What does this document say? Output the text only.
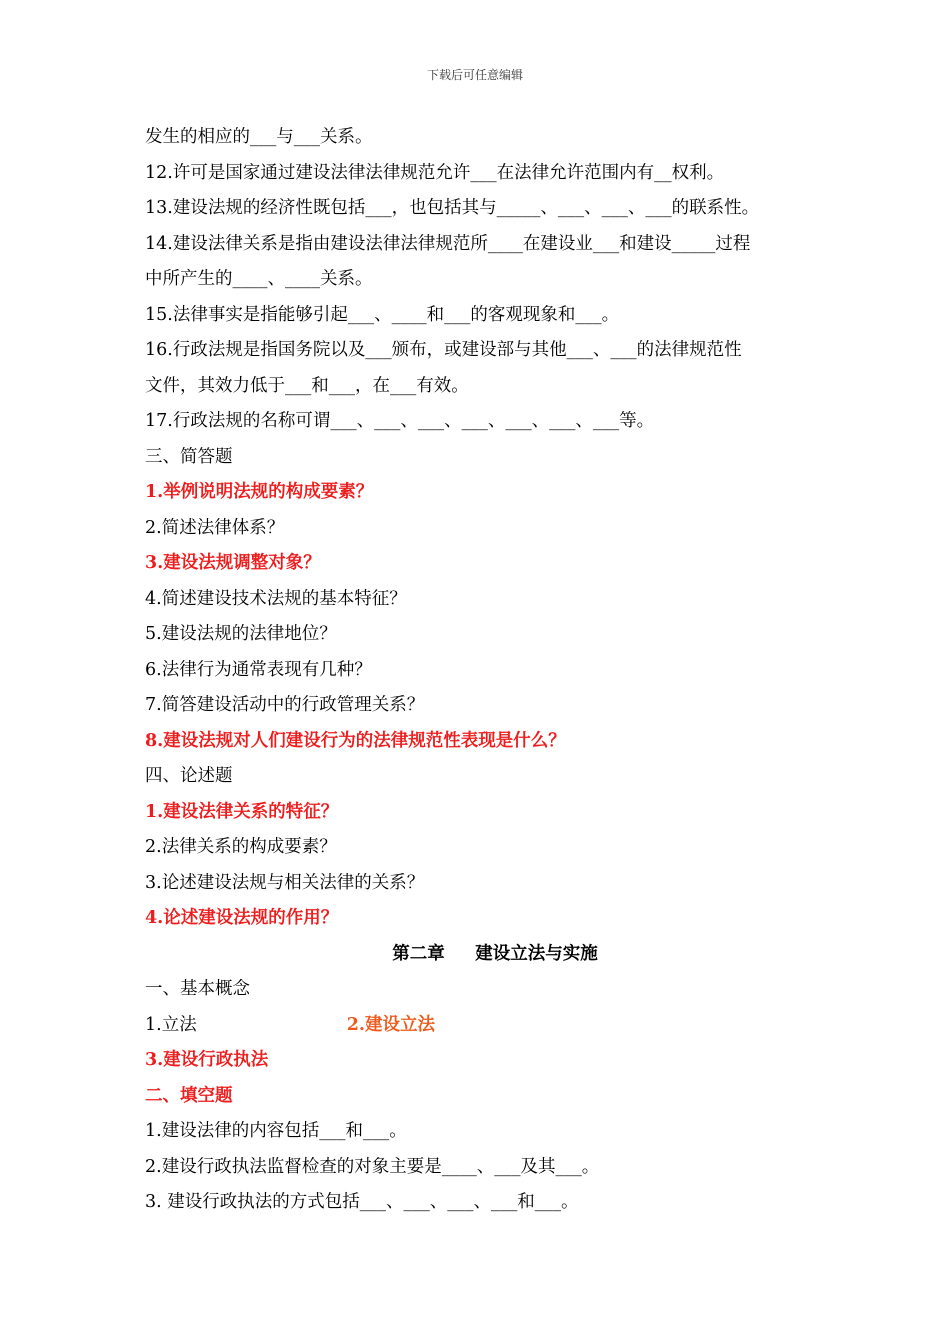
下载后可任意编辑
发生的相应的___与___关系。
12.许可是国家通过建设法律法律规范允许___在法律允许范围内有__权利。
13.建设法规的经济性既包括___，也包括其与_____、___、___、___的联系性。
14.建设法律关系是指由建设法律法律规范所____在建设业___和建设_____过程
中所产生的____、____关系。
15.法律事实是指能够引起___、____和___的客观现象和___。
16.行政法规是指国务院以及___颁布，或建设部与其他___、___的法律规范性
文件，其效力低于___和___，在___有效。
17.行政法规的名称可谓___、___、___、___、___、___、___等。
三、简答题
1.举例说明法规的构成要素？
2.简述法律体系？
3.建设法规调整对象？
4.简述建设技术法规的基本特征？
5.建设法规的法律地位？
6.法律行为通常表现有几种？
7.简答建设活动中的行政管理关系？
8.建设法规对人们建设行为的法律规范性表现是什么？
四、论述题
1.建设法律关系的特征？
2.法律关系的构成要素？
3.论述建设法规与相关法律的关系？
4.论述建设法规的作用？
第二章     建设立法与实施
一、基本概念
1.立法	2.建设立法
3.建设行政执法
二、填空题
1.建设法律的内容包括___和___。
2.建设行政执法监督检查的对象主要是____、___及其___。
3. 建设行政执法的方式包括___、___、___、___和___。
